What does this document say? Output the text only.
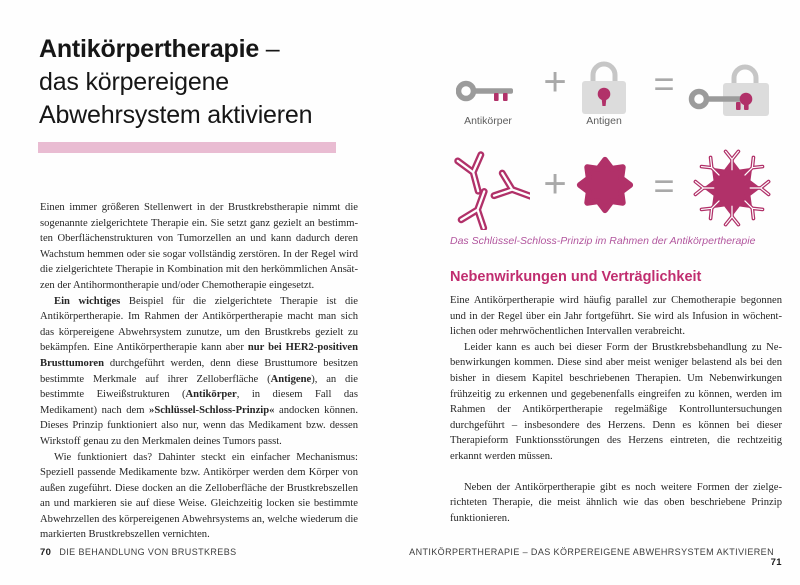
Antikörpertherapie –
das körpereigene
Abwehrsystem aktivieren

Einen immer größeren Stellenwert in der Brustkrebstherapie nimmt die sogenannte zielgerichtete Therapie ein. Sie setzt ganz gezielt an bestimmten Oberflächenstrukturen von Tumorzellen an und kann dadurch deren Wachstum hemmen oder sie sogar vollständig zerstören. In der Regel wird die zielgerichtete Therapie in Kombination mit den herkömmlichen Ansätzen der Antihormontherapie und/oder Chemotherapie eingesetzt.

Ein wichtiges Beispiel für die zielgerichtete Therapie ist die Antikörpertherapie. Im Rahmen der Antikörpertherapie macht man sich das körpereigene Abwehrsystem zunutze, um den Brustkrebs gezielt zu bekämpfen. Eine Antikörpertherapie kann aber nur bei HER2-positiven Brusttumoren durchgeführt werden, denn diese Brusttumore besitzen bestimmte Merkmale auf ihrer Zelloberfläche (Antigene), an die bestimmte Eiweißstrukturen (Antikörper, in diesem Fall das Medikament) nach dem »Schlüssel-Schloss-Prinzip« andocken können. Dieses Prinzip funktioniert also nur, wenn das Medikament bzw. dessen Wirkstoff genau zu den Merkmalen deines Tumors passt.

Wie funktioniert das? Dahinter steckt ein einfacher Mechanismus: Speziell passende Medikamente bzw. Antikörper werden dem Körper von außen zugeführt. Diese docken an die Zelloberfläche der Brustkrebszellen an und markieren sie auf diese Weise. Gleichzeitig locken sie bestimmte Abwehrzellen des körpereigenen Abwehrsystems an, welche wiederum die markierten Brustkrebszellen vernichten.

70 DIE BEHANDLUNG VON BRUSTKREBS
+ =
Antikörper	Antigen
+ =
Das Schlüssel-Schloss-Prinzip im Rahmen der Antikörpertherapie
Nebenwirkungen und Verträglichkeit

Eine Antikörpertherapie wird häufig parallel zur Chemotherapie begonnen und in der Regel über ein Jahr fortgeführt. Sie wird als Infusion in wöchentlichen oder mehrwöchentlichen Intervallen verabreicht.

Leider kann es auch bei dieser Form der Brustkrebsbehandlung zu Nebenwirkungen kommen. Diese sind aber meist weniger belastend als bei den bisher in diesem Kapitel beschriebenen Therapien. Um Nebenwirkungen frühzeitig zu erkennen und gegebenenfalls eingreifen zu können, werden im Rahmen der Antikörpertherapie regelmäßige Kontrolluntersuchungen durchgeführt – insbesondere des Herzens. Denn es können bei dieser Therapieform Funktionsstörungen des Herzens eintreten, die rechtzeitig erkannt werden müssen.

Neben der Antikörpertherapie gibt es noch weitere Formen der zielgerichteten Therapie, die meist ähnlich wie das oben beschriebene Prinzip funktionieren.

ANTIKÖRPERTHERAPIE – DAS KÖRPEREIGENE ABWEHRSYSTEM AKTIVIEREN71
